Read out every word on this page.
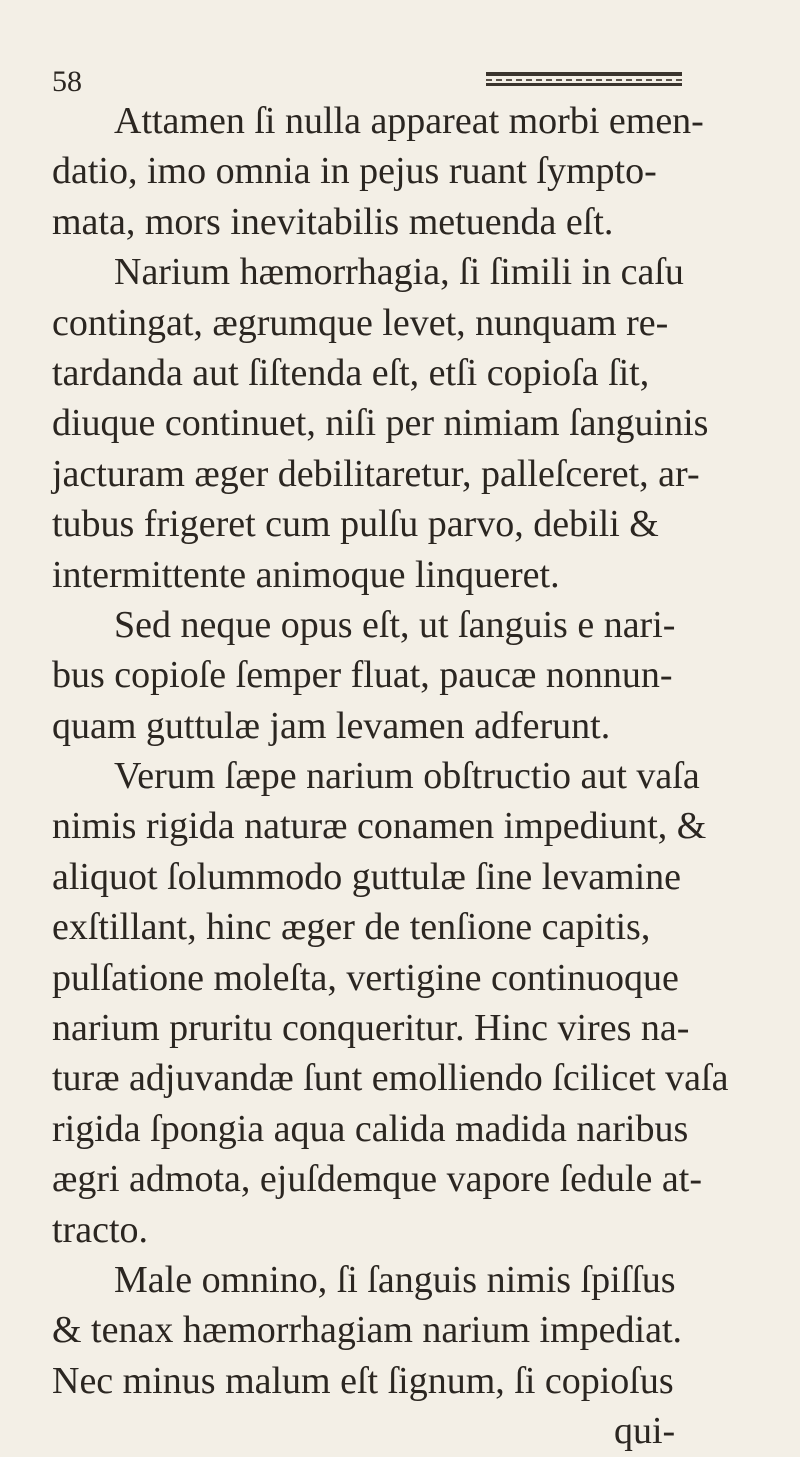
58
Attamen ſi nulla appareat morbi emen-
datio, imo omnia in pejus ruant ſympto-
mata, mors inevitabilis metuenda eſt.
Narium hæmorrhagia, ſi ſimili in caſu
contingat, ægrumque levet, nunquam re-
tardanda aut ſiſtenda eſt, etſi copioſa ſit,
diuque continuet, niſi per nimiam ſanguinis
jacturam æger debilitaretur, palleſceret, ar-
tubus frigeret cum pulſu parvo, debili &
intermittente animoque linqueret.
Sed neque opus eſt, ut ſanguis e nari-
bus copioſe ſemper fluat, paucæ nonnun-
quam guttulæ jam levamen adferunt.
Verum ſæpe narium obſtructio aut vaſa
nimis rigida naturæ conamen impediunt, &
aliquot ſolummodo guttulæ ſine levamine
exſtillant, hinc æger de tenſione capitis,
pulſatione moleſta, vertigine continuoque
narium pruritu conqueritur. Hinc vires na-
turæ adjuvandæ ſunt emolliendo ſcilicet vaſa
rigida ſpongia aqua calida madida naribus
ægri admota, ejuſdemque vapore ſedule at-
tracto.
Male omnino, ſi ſanguis nimis ſpiſſus
& tenax hæmorrhagiam narium impediat.
Nec minus malum eſt ſignum, ſi copioſus
qui-
